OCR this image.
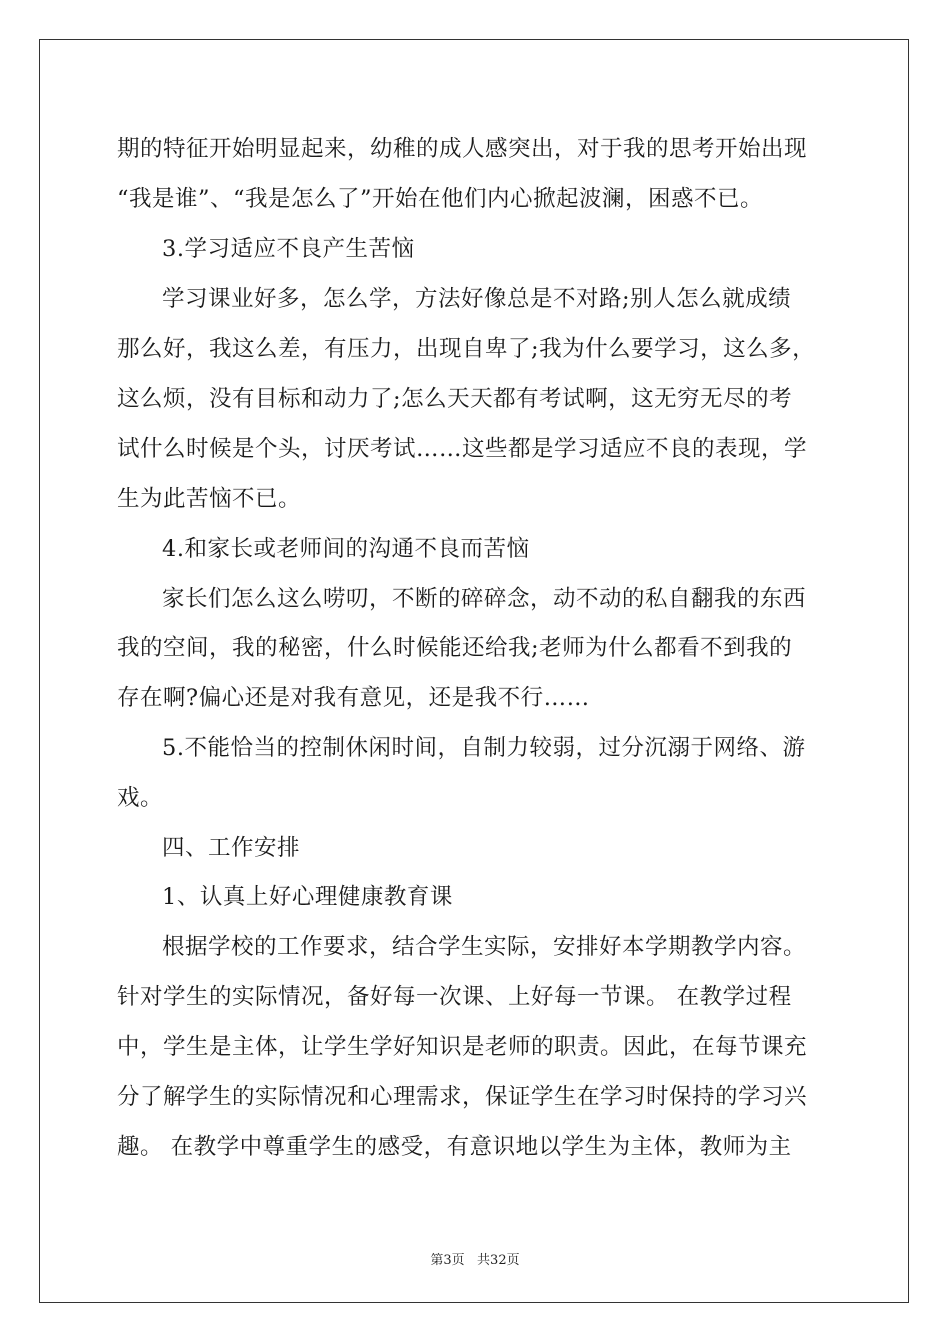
期的特征开始明显起来，幼稚的成人感突出，对于我的思考开始出现
“我是谁”、“我是怎么了”开始在他们内心掀起波澜，困惑不已。
3.学习适应不良产生苦恼
学习课业好多，怎么学，方法好像总是不对路;别人怎么就成绩
那么好，我这么差，有压力，出现自卑了;我为什么要学习，这么多，
这么烦，没有目标和动力了;怎么天天都有考试啊，这无穷无尽的考
试什么时候是个头，讨厌考试……这些都是学习适应不良的表现，学
生为此苦恼不已。
4.和家长或老师间的沟通不良而苦恼
家长们怎么这么唠叨，不断的碎碎念，动不动的私自翻我的东西
我的空间，我的秘密，什么时候能还给我;老师为什么都看不到我的
存在啊?偏心还是对我有意见，还是我不行……
5.不能恰当的控制休闲时间，自制力较弱，过分沉溺于网络、游
戏。
四、工作安排
1、认真上好心理健康教育课
根据学校的工作要求，结合学生实际，安排好本学期教学内容。
针对学生的实际情况，备好每一次课、上好每一节课。 在教学过程
中，学生是主体，让学生学好知识是老师的职责。因此，在每节课充
分了解学生的实际情况和心理需求，保证学生在学习时保持的学习兴
趣。 在教学中尊重学生的感受，有意识地以学生为主体，教师为主
第3页   共32页
